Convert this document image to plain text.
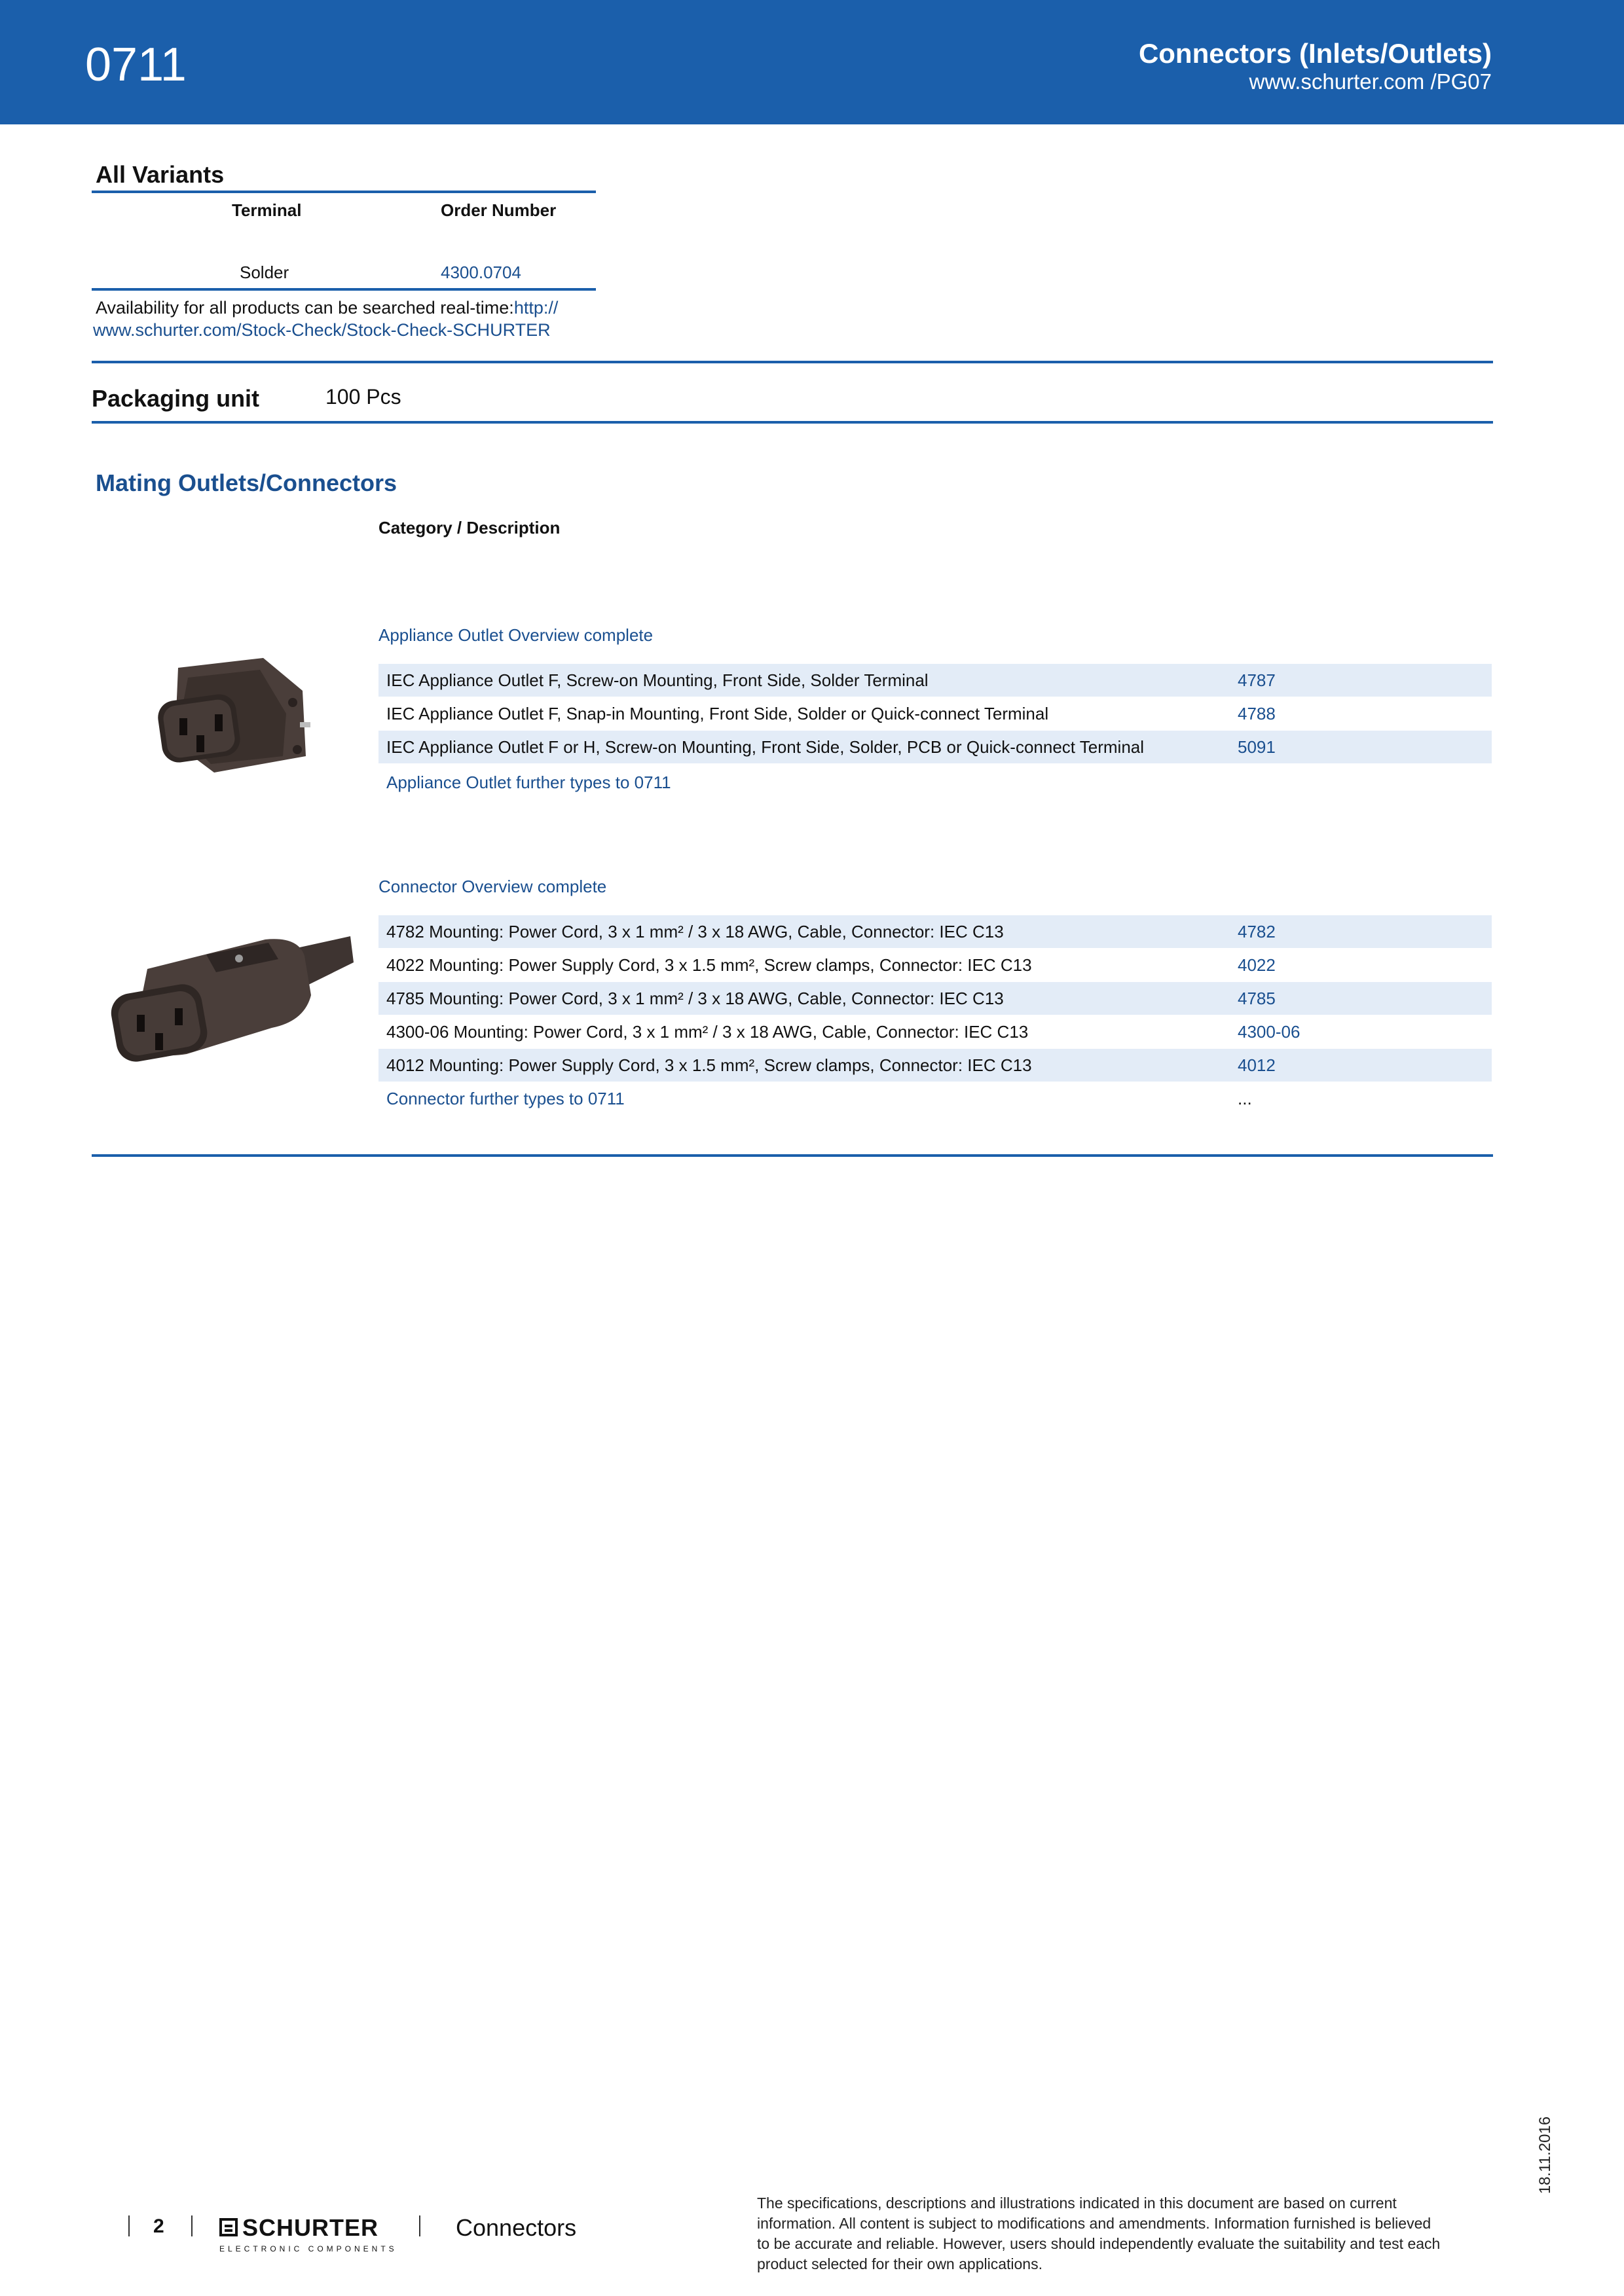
0711	Connectors (Inlets/Outlets)
www.schurter.com /PG07
All Variants
Terminal	Order Number
Solder	4300.0704
Availability for all products can be searched real-time:http://
www.schurter.com/Stock-Check/Stock-Check-SCHURTER
Packaging unit	100 Pcs
Mating Outlets/Connectors
Category / Description
Appliance Outlet Overview complete
IEC Appliance Outlet F, Screw-on Mounting, Front Side, Solder Terminal	4787
IEC Appliance Outlet F, Snap-in Mounting, Front Side, Solder or Quick-connect Terminal	4788
IEC Appliance Outlet F or H, Screw-on Mounting, Front Side, Solder, PCB or Quick-connect Terminal	5091
Appliance Outlet further types to 0711
Connector Overview complete
4782 Mounting: Power Cord, 3 x 1 mm² / 3 x 18 AWG, Cable, Connector: IEC C13	4782
4022 Mounting: Power Supply Cord, 3 x 1.5 mm², Screw clamps, Connector: IEC C13	4022
4785 Mounting: Power Cord, 3 x 1 mm² / 3 x 18 AWG, Cable, Connector: IEC C13	4785
4300-06 Mounting: Power Cord, 3 x 1 mm² / 3 x 18 AWG, Cable, Connector: IEC C13	4300-06
4012 Mounting: Power Supply Cord, 3 x 1.5 mm², Screw clamps, Connector: IEC C13	4012
Connector further types to 0711	...
18.11.2016
2	SCHURTER
ELECTRONIC COMPONENTS
Connectors
The specifications, descriptions and illustrations indicated in this document are based on current
information. All content is subject to modifications and amendments. Information furnished is believed
to be accurate and reliable. However, users should independently evaluate the suitability and test each
product selected for their own applications.
